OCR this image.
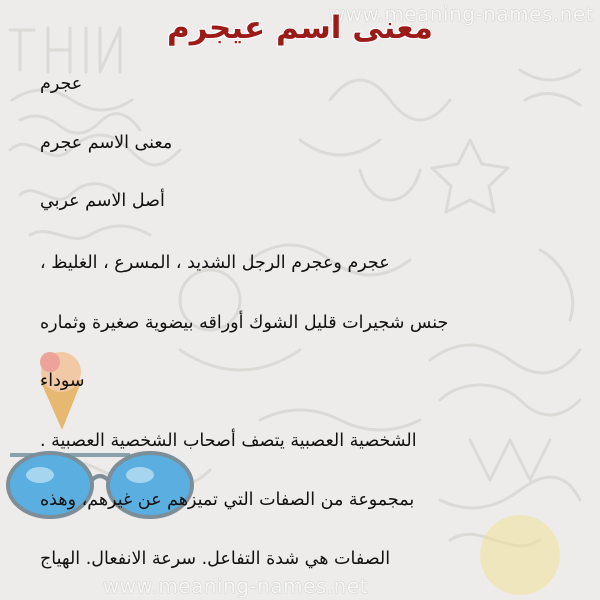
www.meaning-names.net
معنى اسم عيجرم

عجرم

معنى الاسم عجرم

أصل الاسم عربي

عجرم وعجرم الرجل الشديد ، المسرع ، الغليظ ،

جنس شجيرات قليل الشوك أوراقه بيضوية صغيرة وثماره

سوداء

الشخصية العصبية يتصف أصحاب الشخصية العصبية .

بمجموعة من الصفات التي تميزهم عن غيرهم، وهذه

الصفات هي‌ شدة التفاعل. سرعة الانفعال. الهياج

www.meaning-names.net
